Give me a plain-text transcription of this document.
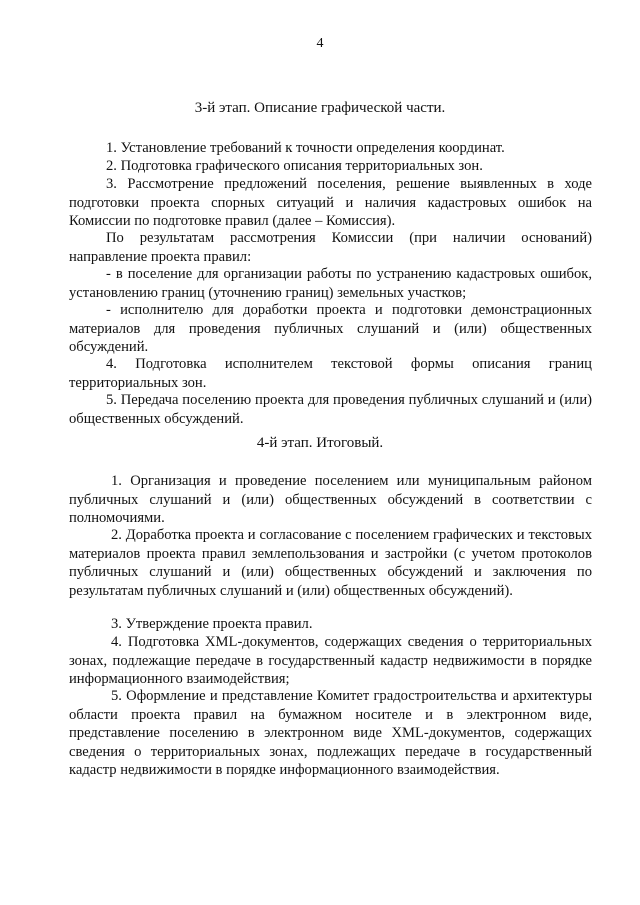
4
3-й этап. Описание графической части.

1. Установление требований к точности определения координат.

2. Подготовка графического описания территориальных зон.

3. Рассмотрение предложений поселения, решение выявленных в ходе подготовки проекта спорных ситуаций и наличия кадастровых ошибок на Комиссии по подготовке правил (далее – Комиссия).

По результатам рассмотрения Комиссии (при наличии оснований) направление проекта правил:

- в поселение для организации работы по устранению кадастровых ошибок, установлению границ (уточнению границ) земельных участков;

- исполнителю для доработки проекта и подготовки демонстрационных материалов для проведения публичных слушаний и (или) общественных обсуждений.

4. Подготовка исполнителем текстовой формы описания границ территориальных зон.

5. Передача поселению проекта для проведения публичных слушаний и (или) общественных обсуждений.

4-й этап. Итоговый.

1. Организация и проведение поселением или муниципальным районом публичных слушаний и (или) общественных обсуждений в соответствии с полномочиями.

2. Доработка проекта и согласование с поселением графических и текстовых материалов проекта правил землепользования и застройки (с учетом протоколов публичных слушаний и (или) общественных обсуждений и заключения по результатам публичных слушаний и (или) общественных обсуждений).

3. Утверждение проекта правил.

4. Подготовка XML-документов, содержащих сведения о территориальных зонах, подлежащие передаче в государственный кадастр недвижимости в порядке информационного взаимодействия;

5. Оформление и представление Комитет градостроительства и архитектуры области проекта правил на бумажном носителе и в электронном виде, представление поселению в электронном виде XML-документов, содержащих сведения о территориальных зонах, подлежащих передаче в государственный кадастр недвижимости в порядке информационного взаимодействия.
